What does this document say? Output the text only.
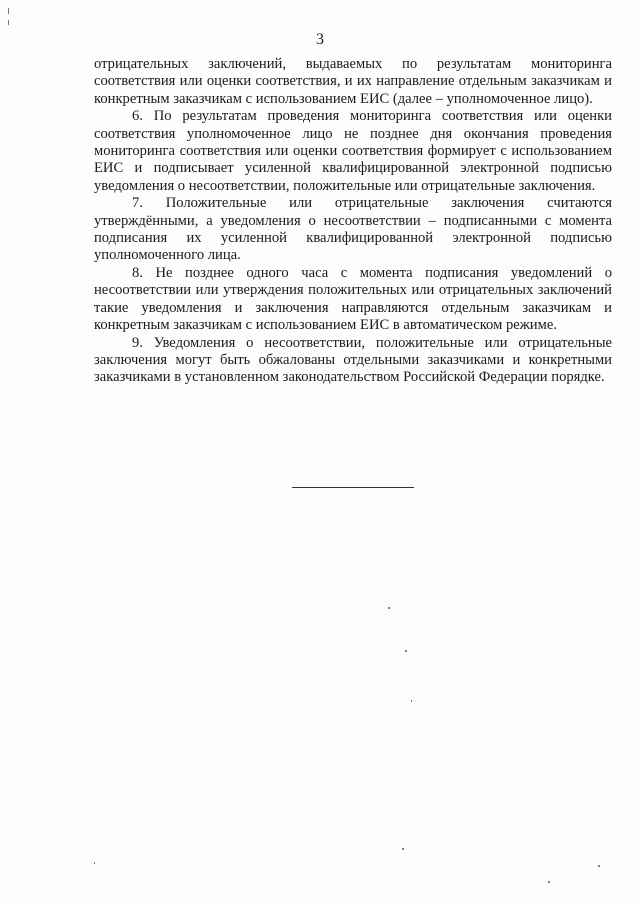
3

отрицательных заключений, выдаваемых по результатам мониторинга соответствия или оценки соответствия, и их направление отдельным заказчикам и конкретным заказчикам с использованием ЕИС (далее – уполномоченное лицо).

6. По результатам проведения мониторинга соответствия или оценки соответствия уполномоченное лицо не позднее дня окончания проведения мониторинга соответствия или оценки соответствия формирует с использованием ЕИС и подписывает усиленной квалифицированной электронной подписью уведомления о несоответствии, положительные или отрицательные заключения.

7. Положительные или отрицательные заключения считаются утверждёнными, а уведомления о несоответствии – подписанными с момента подписания их усиленной квалифицированной электронной подписью уполномоченного лица.

8. Не позднее одного часа с момента подписания уведомлений о несоответствии или утверждения положительных или отрицательных заключений такие уведомления и заключения направляются отдельным заказчикам и конкретным заказчикам с использованием ЕИС в автоматическом режиме.

9. Уведомления о несоответствии, положительные или отрицательные заключения могут быть обжалованы отдельными заказчиками и конкретными заказчиками в установленном законодательством Российской Федерации порядке.
